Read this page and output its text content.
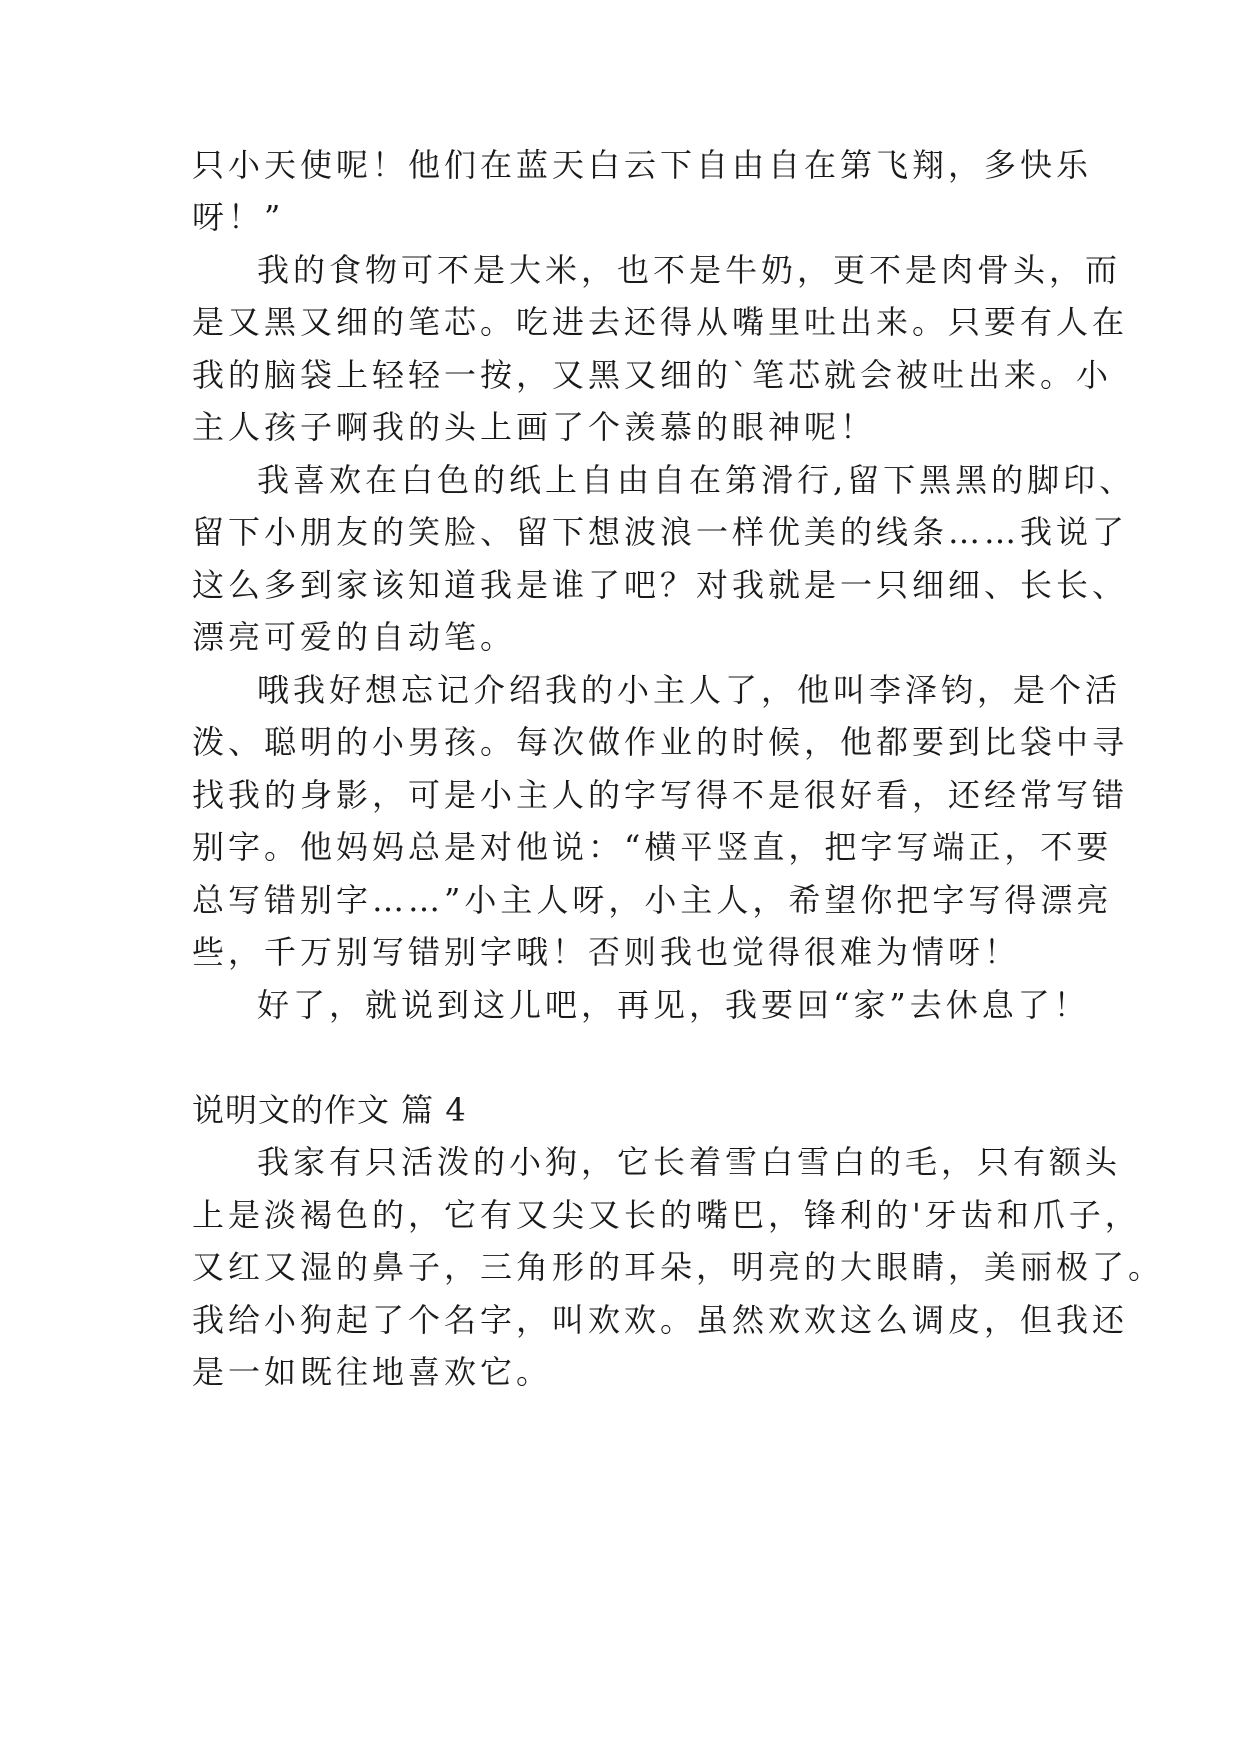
只小天使呢！他们在蓝天白云下自由自在第飞翔，多快乐

呀！”

我的食物可不是大米，也不是牛奶，更不是肉骨头，而

是又黑又细的笔芯。吃进去还得从嘴里吐出来。只要有人在

我的脑袋上轻轻一按，又黑又细的`笔芯就会被吐出来。小

主人孩子啊我的头上画了个羡慕的眼神呢！

我喜欢在白色的纸上自由自在第滑行,留下黑黑的脚印、

留下小朋友的笑脸、留下想波浪一样优美的线条……我说了

这么多到家该知道我是谁了吧？对我就是一只细细、长长、

漂亮可爱的自动笔。

哦我好想忘记介绍我的小主人了，他叫李泽钧，是个活

泼、聪明的小男孩。每次做作业的时候，他都要到比袋中寻

找我的身影，可是小主人的字写得不是很好看，还经常写错

别字。他妈妈总是对他说：“横平竖直，把字写端正，不要

总写错别字……”小主人呀，小主人，希望你把字写得漂亮

些，千万别写错别字哦！否则我也觉得很难为情呀！

好了，就说到这儿吧，再见，我要回“家”去休息了！

说明文的作文 篇 4

我家有只活泼的小狗，它长着雪白雪白的毛，只有额头

上是淡褐色的，它有又尖又长的嘴巴，锋利的'牙齿和爪子，

又红又湿的鼻子，三角形的耳朵，明亮的大眼睛，美丽极了。

我给小狗起了个名字，叫欢欢。虽然欢欢这么调皮，但我还

是一如既往地喜欢它。
